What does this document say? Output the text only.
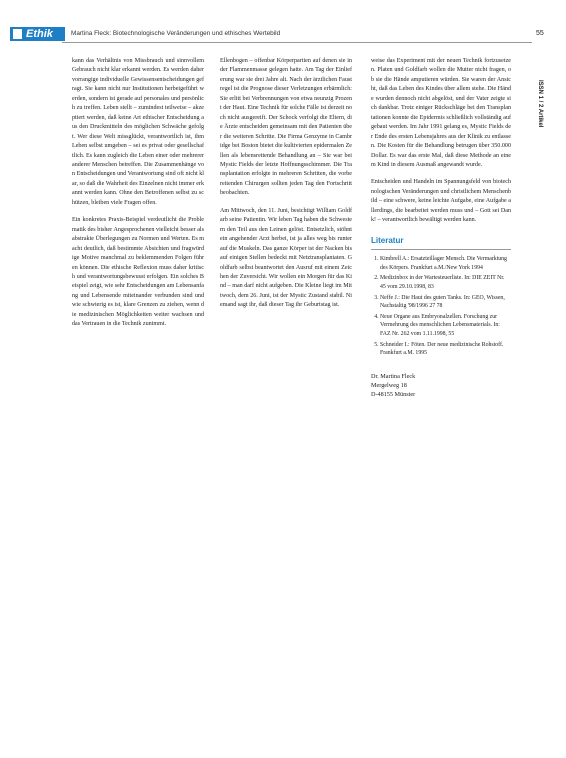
Ethik	Martina Fleck: Biotechnologische Veränderungen und ethisches Wertebild	55
ISSN 1 / 2 Artikel

kann das Verhältnis von Missbrauch und sinnvollem Gebrauch nicht klar erkannt werden. Es werden daher vorrangige individuelle Gewissensentscheidungen gefragt. Sie kann nicht nur Institutionen herbeigeführt werden, sondern ist gerade auf personales und persönlich zu treffen. Leben stellt – zumindest teilweise – akzeptiert werden, daß keine Art ethischer Entscheidung aus den Druckmitteln des möglichen Schwäche gefolgt. Wer diese Welt missglückt, verantwortlich ist, ihm Leben selbst umgeben – sei es privat oder gesellschaftlich. Es kann zugleich die Leben einer oder mehrerer anderer Menschen betreffen. Die Zusammenhänge von Entscheidungen und Verantwortung sind oft nicht klar, so daß die Wahrheit des Einzelnen nicht immer erkannt werden kann. Ohne den Betroffenen selbst zu schützen, bleiben viele Fragen offen.

Ein konkretes Praxis-Beispiel verdeutlicht die Problematik des bisher Angesprochenen vielleicht besser als abstrakte Überlegungen zu Normen und Werten. Es macht deutlich, daß bestimmte Absichten und fragwürdige Motive manchmal zu beklemmenden Folgen führen können. Die ethische Reflexion muss daher kritisch und verantwortungsbewusst erfolgen. Ein solches Beispiel zeigt, wie sehr Entscheidungen am Lebensanfang und Lebensende miteinander verbunden sind und wie schwierig es ist, klare Grenzen zu ziehen, wenn die medizinischen Möglichkeiten weiter wachsen und das Vertrauen in die Technik zunimmt.

Ellenbogen – offenbar Körperpartien auf denen sie in der Flammenmasse gelegen hatte. Am Tag der Einlieferung war sie drei Jahre alt. Nach der ärztlichen Faustregel ist die Prognose dieser Verletzungen erbärmlich: Sie erlitt bei Verbrennungen von etwa neunzig Prozent der Haut. Eine Technik für solche Fälle ist derzeit noch nicht ausgereift. Der Schock verfolgt die Eltern, die Ärzte entscheiden gemeinsam mit den Patienten über die weiteren Schritte. Die Firma Genzyme in Cambridge bei Boston bietet die kultivierten epidermalen Zellen als lebensrettende Behandlung an – Sie war bei Mystic Fields der letzte Hoffnungsschimmer. Die Transplantation erfolgte in mehreren Schritten, die vorbereitenden Chirurgen sollten jeden Tag den Fortschritt beobachten.

Am Mittwoch, den 11. Juni, besichtigt William Goldfarb seine Patientin. Wir leben Tag haben die Schwestern den Teil aus den Leinen gelöst. Entsetzlich, stöhnt ein angehender Arzt herbei, ist ja alles weg bis runter auf die Muskeln. Das ganze Körper ist der Nacken bis auf einigen Stellen bedeckt mit Netztransplantaten. Goldfarb selbst beantwortet den Ausruf mit einem Zeichen der Zuversicht. Wir wollen ein Morgen für das Kind – man darf nicht aufgeben. Die Kleine liegt im Mittwoch, dem 26. Juni, ist der Mystic Zustand stabil. Niemand sagt ihr, daß dieser Tag ihr Geburtstag ist.

weise das Experiment mit der neuen Technik fortzusetzen. Platen und Goldfarb wollen die Mutter nicht fragen, ob sie die Hände amputieren würden. Sie waren der Ansicht, daß das Leben des Kindes über allem stehe. Die Hände wurden dennoch nicht abgelöst, und der Vater zeigte sich dankbar. Trotz einiger Rückschläge bei den Transplantationen konnte die Epidermis schließlich vollständig aufgebaut werden. Im Jahr 1991 gelang es, Mystic Fields der Ende des ersten Lebensjahres aus der Klinik zu entlassen. Die Kosten für die Behandlung betrugen über 350.000 Dollar. Es war das erste Mal, daß diese Methode an einem Kind in diesem Ausmaß angewandt wurde.

Entscheiden und Handeln im Spannungsfeld von biotechnologischen Veränderungen und christlichem Menschenbild – eine schwere, keine leichte Aufgabe, eine Aufgabe allerdings, die bearbeitet werden muss und – Gott sei Dank! – verantwortlich bewältigt werden kann.

Literatur
1. Kimbrell A.: Ersatzteillager Mensch. Die Vermarktung des Körpers. Frankfurt a.M./New York 1994
2. Medizinbox in der Wartesteuerliste. In: DIE ZEIT Nr. 45 vom 29.10.1998, 83
3. Neffe J.: Die Haut des guten Tanks. In: GEO, Wissen, Nachstaltig '98/1996 27 78
4. Neue Organe aus Embryonalzellen. Forschung zur Vermehrung des menschlichen Lebensmaterials. In: FAZ Nr. 262 vom 1.11.1998, 55
5. Schneider I.: Föten. Der neue medizinische Rohstoff. Frankfurt a.M. 1995
Dr. Martina Fleck
Mergelweg 18
D-48155 Münster
